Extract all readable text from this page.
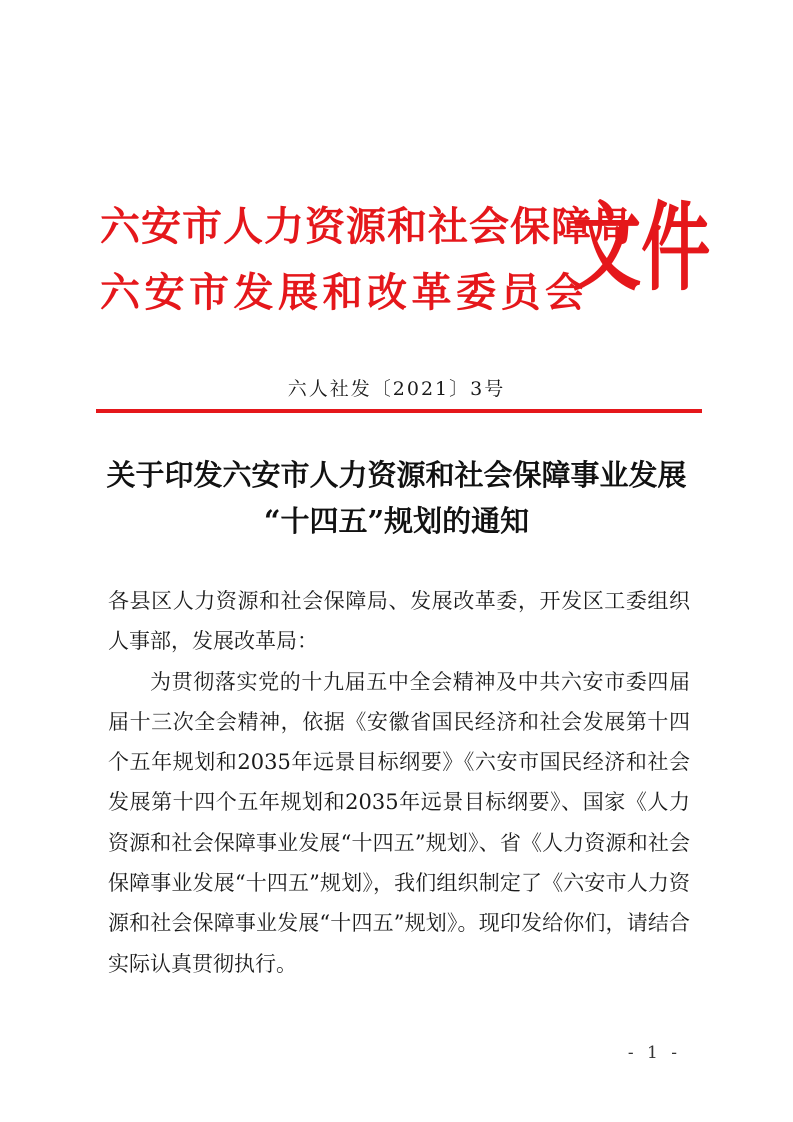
六安市人力资源和社会保障局
六安市发展和改革委员会
文件
六人社发〔2021〕3号
关于印发六安市人力资源和社会保障事业发展
“十四五”规划的通知

各县区人力资源和社会保障局、发展改革委，开发区工委组织人事部，发展改革局：

为贯彻落实党的十九届五中全会精神及中共六安市委四届届十三次全会精神，依据《安徽省国民经济和社会发展第十四个五年规划和2035年远景目标纲要》《六安市国民经济和社会发展第十四个五年规划和2035年远景目标纲要》、国家《人力资源和社会保障事业发展“十四五”规划》、省《人力资源和社会保障事业发展“十四五”规划》，我们组织制定了《六安市人力资源和社会保障事业发展“十四五”规划》。现印发给你们，请结合实际认真贯彻执行。

- 1 -
